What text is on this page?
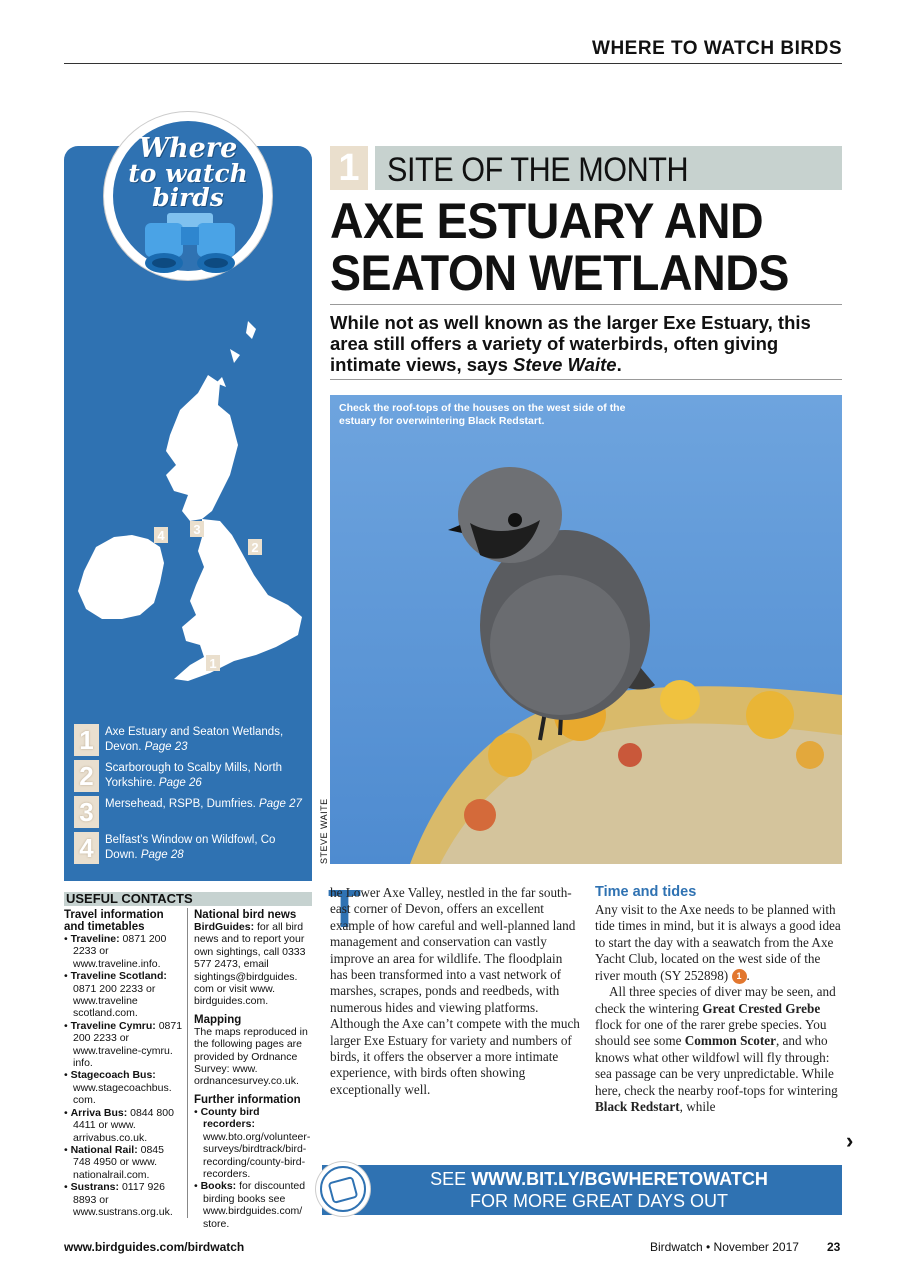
WHERE TO WATCH BIRDS
Where
to watch
birds
4 3
2
1
1 Axe Estuary and Seaton Wetlands, Devon. Page 23
2 Scarborough to Scalby Mills, North Yorkshire. Page 26
3 Mersehead, RSPB, Dumfries. Page 27
4 Belfast’s Window on Wildfowl, Co Down. Page 28
USEFUL CONTACTS
Travel information and timetables
• Traveline: 0871 200 2233 or www.traveline.info.
• Traveline Scotland: 0871 200 2233 or www.traveline scotland.com.
• Traveline Cymru: 0871 200 2233 or www.traveline-cymru. info.
• Stagecoach Bus: www.stagecoachbus. com.
• Arriva Bus: 0844 800 4411 or www. arrivabus.co.uk.
• National Rail: 0845 748 4950 or www. nationalrail.com.
• Sustrans: 0117 926 8893 or www.sustrans.org.uk.
National bird news

BirdGuides: for all bird news and to report your own sightings, call 0333 577 2473, email sightings@birdguides. com or visit www. birdguides.com.

Mapping

The maps reproduced in the following pages are provided by Ordnance Survey: www. ordnancesurvey.co.uk.

Further information
• County bird recorders: www.bto.org/volunteer-surveys/birdtrack/bird-recording/county-bird-recorders.
• Books: for discounted birding books see www.birdguides.com/ store.
1 SITE OF THE MONTH
AXE ESTUARY AND
SEATON WETLANDS
While not as well known as the larger Exe Estuary, this area still offers a variety of waterbirds, often giving intimate views, says Steve Waite.
Check the roof-tops of the houses on the west side of the estuary for overwintering Black Redstart.
STEVE WAITE
T

he Lower Axe Valley, nestled in the far south-east corner of Devon, offers an excellent example of how careful and well-planned land management and conservation can vastly improve an area for wildlife. The floodplain has been transformed into a vast network of marshes, scrapes, ponds and reedbeds, with numerous hides and viewing platforms. Although the Axe can’t compete with the much larger Exe Estuary for variety and numbers of birds, it offers the observer a more intimate experience, with birds often showing exceptionally well.

Time and tides

Any visit to the Axe needs to be planned with tide times in mind, but it is always a good idea to start the day with a seawatch from the Axe Yacht Club, located on the west side of the river mouth (SY 252898) 1 .

All three species of diver may be seen, and check the wintering Great Crested Grebe flock for one of the rarer grebe species. You should see some Common Scoter, and who knows what other wildfowl will fly through: sea passage can be very unpredictable. While here, check the nearby roof-tops for wintering Black Redstart, while

›
SEE WWW.BIT.LY/BGWHERETOWATCH
FOR MORE GREAT DAYS OUT
www.birdguides.com/birdwatch	Birdwatch • November 2017 23
